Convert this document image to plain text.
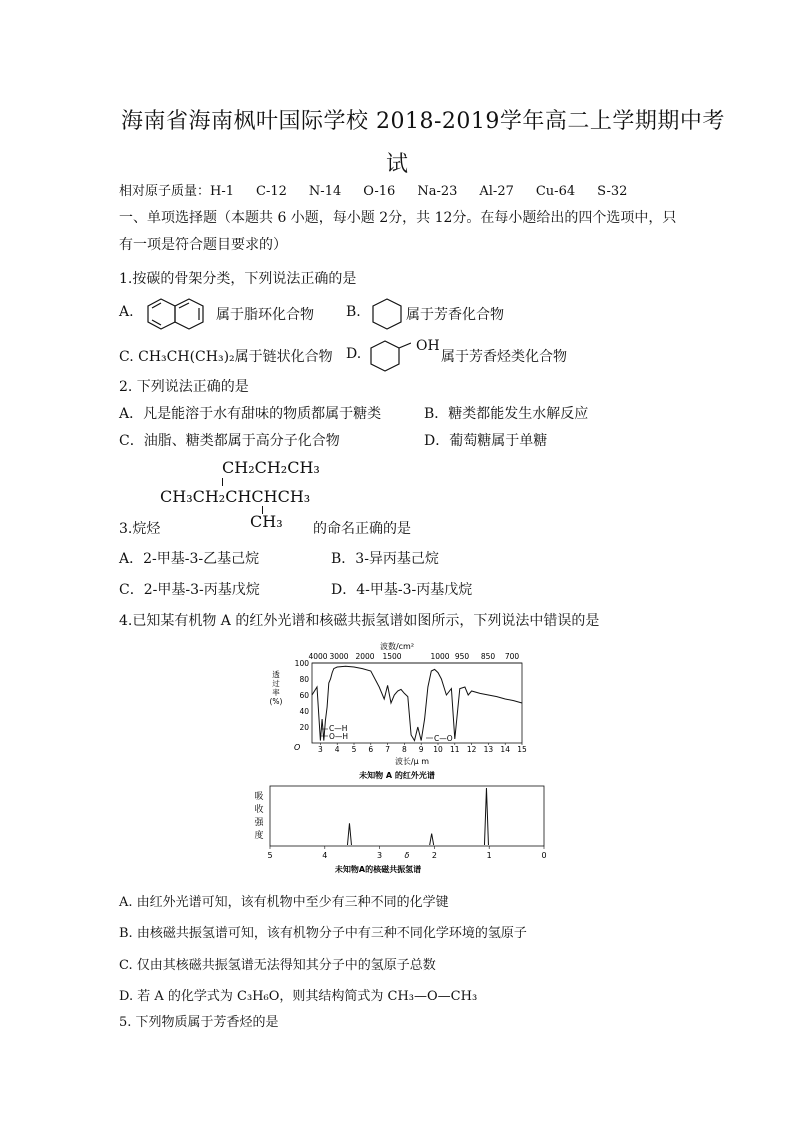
海南省海南枫叶国际学校 2018-2019学年高二上学期期中考
试
相对原子质量：H-1 C-12 N-14 O-16 Na-23 Al-27 Cu-64 S-32
一、单项选择题（本题共 6 小题，每小题 2分，共 12分。在每小题给出的四个选项中，只
有一项是符合题目要求的）
1.按碳的骨架分类，下列说法正确的是
A.	属于脂环化合物 B.	属于芳香化合物
C. CH₃CH(CH₃)₂属于链状化合物 D.	OH
属于芳香烃类化合物
2. 下列说法正确的是
A．凡是能溶于水有甜味的物质都属于糖类	B．糖类都能发生水解反应
C．油脂、糖类都属于高分子化合物	D．葡萄糖属于单糖
CH₂CH₂CH₃
CH₃CH₂CHCHCH₃
CH₃
3.烷烃	的命名正确的是
A．2-甲基-3-乙基己烷	B．3-异丙基己烷
C．2-甲基-3-丙基戊烷	D．4-甲基-3-丙基戊烷
4.已知某有机物 A 的红外光谱和核磁共振氢谱如图所示，下列说法中错误的是
波数/cm²
4000 3000 2000 1500	1000 950 850 700
透
过
率
(%)
100
80
60
40
20
O 3 4 5 6 7 8 9 10 11 12 13 14 15
波长/μ m
C—H
O—H	C—O
未知物 A 的红外光谱
吸
收
强
度
5	4	3	δ	2	1	0
未知物A的核磁共振氢谱
A. 由红外光谱可知，该有机物中至少有三种不同的化学键
B. 由核磁共振氢谱可知，该有机物分子中有三种不同化学环境的氢原子
C. 仅由其核磁共振氢谱无法得知其分子中的氢原子总数
D. 若 A 的化学式为 C₃H₆O，则其结构简式为 CH₃—O—CH₃
5. 下列物质属于芳香烃的是
